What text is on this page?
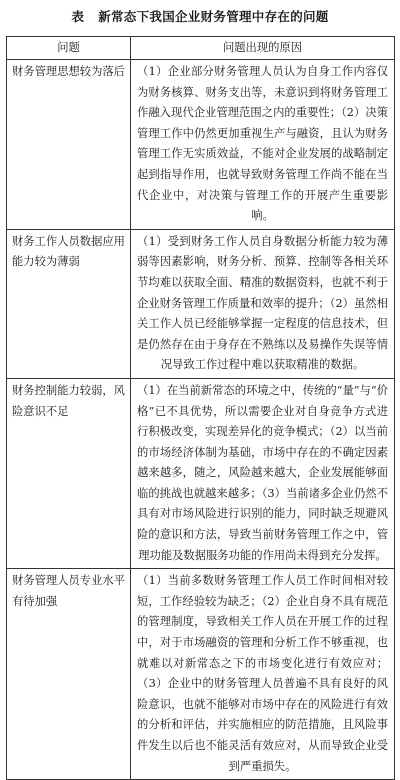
表 新常态下我国企业财务管理中存在的问题
问题	问题出现的原因
财务管理思想较为落后	（1）企业部分财务管理人员认为自身工作内容仅为财务核算、财务支出等，未意识到将财务管理工作融入现代企业管理范围之内的重要性；（2）决策管理工作中仍然更加重视生产与融资，且认为财务管理工作无实质效益，不能对企业发展的战略制定起到指导作用，也就导致财务管理工作尚不能在当代企业中，对决策与管理工作的开展产生重要影响。
财务工作人员数据应用能力较为薄弱	（1）受到财务工作人员自身数据分析能力较为薄弱等因素影响，财务分析、预算、控制等各相关环节均难以获取全面、精准的数据资料，也就不利于企业财务管理工作质量和效率的提升；（2）虽然相关工作人员已经能够掌握一定程度的信息技术，但是仍然存在由于身存在不熟练以及易操作失误等情况导致工作过程中难以获取精准的数据。
财务控制能力较弱，风险意识不足	（1）在当前新常态的环境之中，传统的“量”与“价格”已不具优势，所以需要企业对自身竞争方式进行积极改变，实现差异化的竞争模式；（2）以当前的市场经济体制为基础，市场中存在的不确定因素越来越多，随之，风险越来越大，企业发展能够面临的挑战也就越来越多；（3）当前诸多企业仍然不具有对市场风险进行识别的能力，同时缺乏规避风险的意识和方法，导致当前财务管理工作之中，管理功能及数据服务功能的作用尚未得到充分发挥。
财务管理人员专业水平有待加强	（1）当前多数财务管理工作人员工作时间相对较短，工作经验较为缺乏；（2）企业自身不具有规范的管理制度，导致相关工作人员在开展工作的过程中，对于市场融资的管理和分析工作不够重视，也就难以对新常态之下的市场变化进行有效应对；（3）企业中的财务管理人员普遍不具有良好的风险意识，也就不能够对市场中存在的风险进行有效的分析和评估，并实施相应的防范措施，且风险事件发生以后也不能灵活有效应对，从而导致企业受到严重损失。
